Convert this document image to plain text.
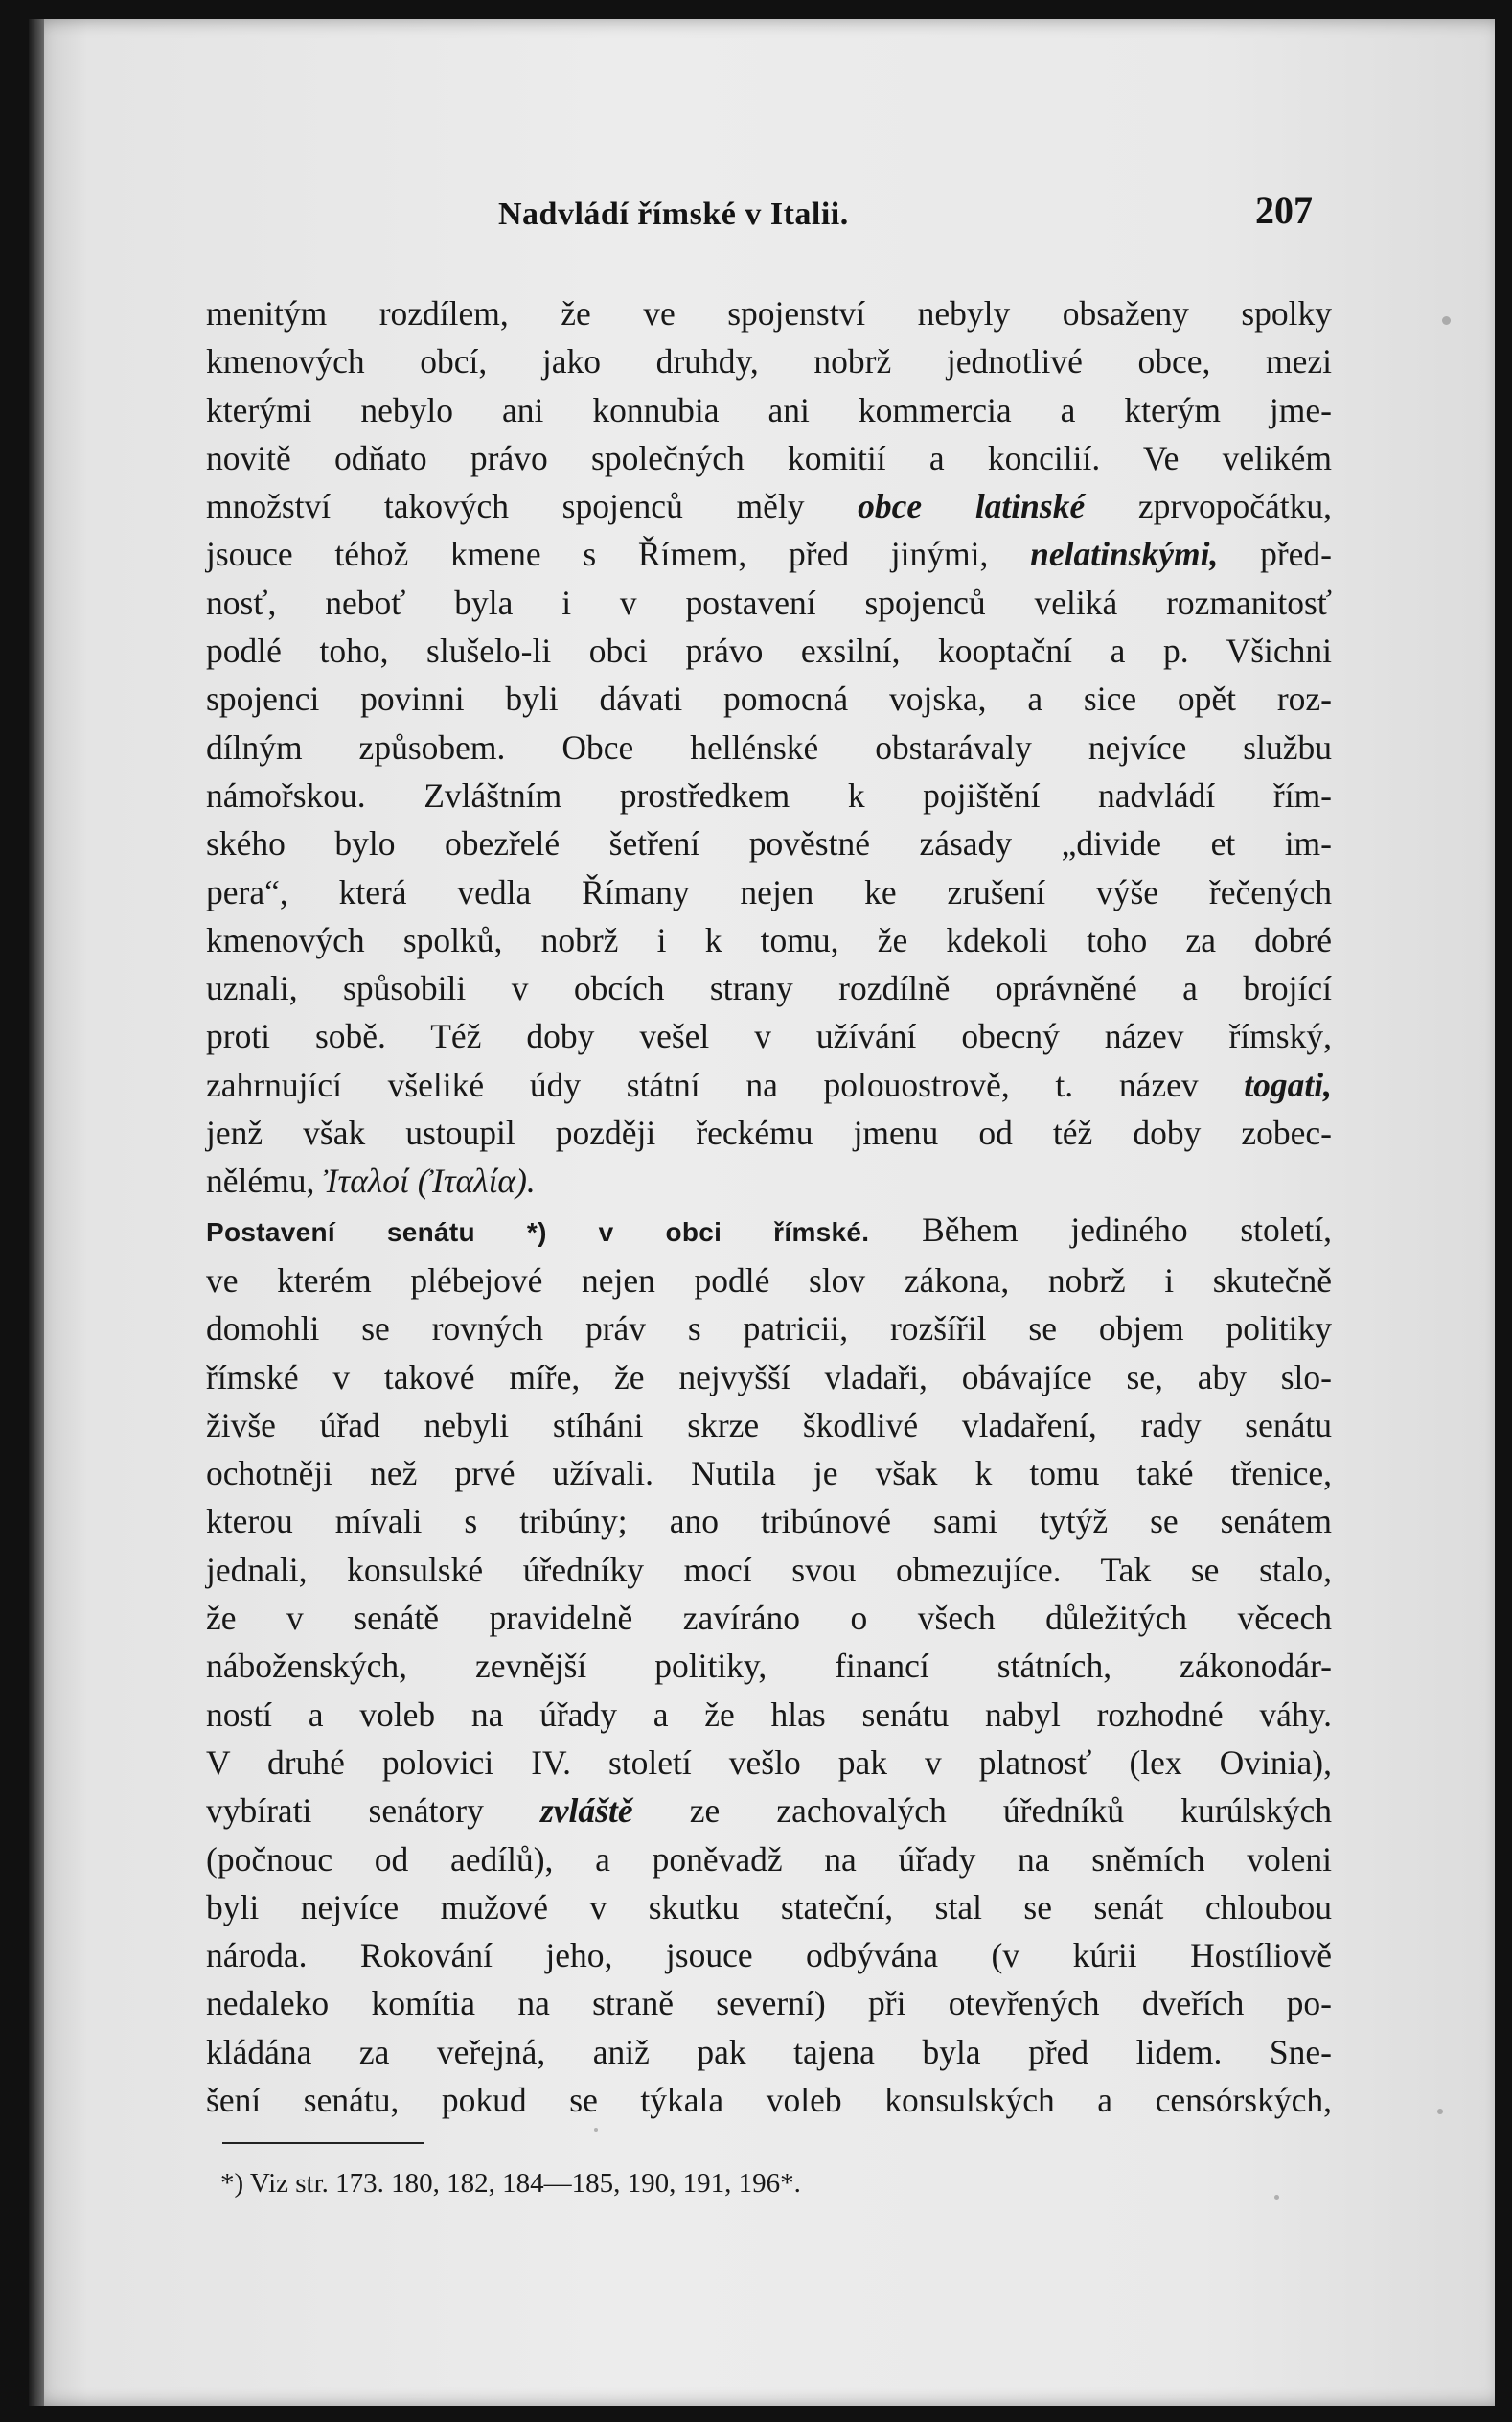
Nadvládí římské v Italii.	207
menitým rozdílem, že ve spojenství nebyly obsaženy spolky
kmenových obcí, jako druhdy, nobrž jednotlivé obce, mezi
kterými nebylo ani konnubia ani kommercia a kterým jme-
novitě odňato právo společných komitií a koncilií. Ve velikém
množství takových spojenců měly obce latinské zprvopočátku,
jsouce téhož kmene s Římem, před jinými, nelatinskými, před-
nosť, neboť byla i v postavení spojenců veliká rozmanitosť
podlé toho, slušelo-li obci právo exsilní, kooptační a p. Všichni
spojenci povinni byli dávati pomocná vojska, a sice opět roz-
dílným způsobem. Obce hellénské obstarávaly nejvíce službu
námořskou. Zvláštním prostředkem k pojištění nadvládí řím-
ského bylo obezřelé šetření pověstné zásady „divide et im-
pera“, která vedla Římany nejen ke zrušení výše řečených
kmenových spolků, nobrž i k tomu, že kdekoli toho za dobré
uznali, spůsobili v obcích strany rozdílně oprávněné a brojící
proti sobě. Též doby vešel v užívání obecný název římský,
zahrnující všeliké údy státní na polouostrově, t. název togati,
jenž však ustoupil později řeckému jmenu od též doby zobec-
nělému, Ἰταλοί (Ἰταλία).
Postavení senátu *) v obci římské. Během jediného století,
ve kterém plébejové nejen podlé slov zákona, nobrž i skutečně
domohli se rovných práv s patricii, rozšířil se objem politiky
římské v takové míře, že nejvyšší vladaři, obávajíce se, aby slo-
živše úřad nebyli stíháni skrze škodlivé vladaření, rady senátu
ochotněji než prvé užívali. Nutila je však k tomu také třenice,
kterou mívali s tribúny; ano tribúnové sami tytýž se senátem
jednali, konsulské úředníky mocí svou obmezujíce. Tak se stalo,
že v senátě pravidelně zavíráno o všech důležitých věcech
náboženských, zevnější politiky, financí státních, zákonodár-
ností a voleb na úřady a že hlas senátu nabyl rozhodné váhy.
V druhé polovici IV. století vešlo pak v platnosť (lex Ovinia),
vybírati senátory zvláště ze zachovalých úředníků kurúlských
(počnouc od aedílů), a poněvadž na úřady na sněmích voleni
byli nejvíce mužové v skutku stateční, stal se senát chloubou
národa. Rokování jeho, jsouce odbývána (v kúrii Hostíliově
nedaleko komítia na straně severní) při otevřených dveřích po-
kládána za veřejná, aniž pak tajena byla před lidem. Sne-
šení senátu, pokud se týkala voleb konsulských a censórských,
*) Viz str. 173. 180, 182, 184—185, 190, 191, 196*.
